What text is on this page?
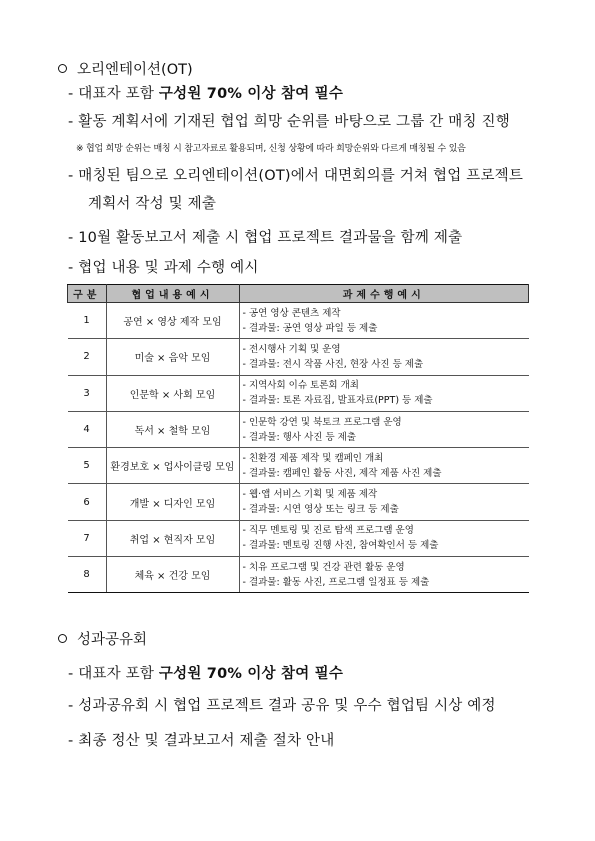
오리엔테이션(OT)
- 대표자 포함 구성원 70% 이상 참여 필수
- 활동 계획서에 기재된 협업 희망 순위를 바탕으로 그룹 간 매칭 진행
※ 협업 희망 순위는 매칭 시 참고자료로 활용되며, 신청 상황에 따라 희망순위와 다르게 매칭될 수 있음
- 매칭된 팀으로 오리엔테이션(OT)에서 대면회의를 거쳐 협업 프로젝트
계획서 작성 및 제출
- 10월 활동보고서 제출 시 협업 프로젝트 결과물을 함께 제출
- 협업 내용 및 과제 수행 예시
구분	협업내용예시	과제수행예시
1	공연 × 영상 제작 모임	- 공연 영상 콘텐츠 제작
- 결과물: 공연 영상 파일 등 제출

2	미술 × 음악 모임	- 전시행사 기획 및 운영
- 결과물: 전시 작품 사진, 현장 사진 등 제출

3	인문학 × 사회 모임	- 지역사회 이슈 토론회 개최
- 결과물: 토론 자료집, 발표자료(PPT) 등 제출

4	독서 × 철학 모임	- 인문학 강연 및 북토크 프로그램 운영
- 결과물: 행사 사진 등 제출

5	환경보호 × 업사이클링 모임	- 친환경 제품 제작 및 캠페인 개최
- 결과물: 캠페인 활동 사진, 제작 제품 사진 제출

6	개발 × 디자인 모임	- 웹·앱 서비스 기획 및 제품 제작
- 결과물: 시연 영상 또는 링크 등 제출

7	취업 × 현직자 모임	- 직무 멘토링 및 진로 탐색 프로그램 운영
- 결과물: 멘토링 진행 사진, 참여확인서 등 제출

8	체육 × 건강 모임	- 치유 프로그램 및 건강 관련 활동 운영
- 결과물: 활동 사진, 프로그램 일정표 등 제출
성과공유회
- 대표자 포함 구성원 70% 이상 참여 필수
- 성과공유회 시 협업 프로젝트 결과 공유 및 우수 협업팀 시상 예정
- 최종 정산 및 결과보고서 제출 절차 안내
